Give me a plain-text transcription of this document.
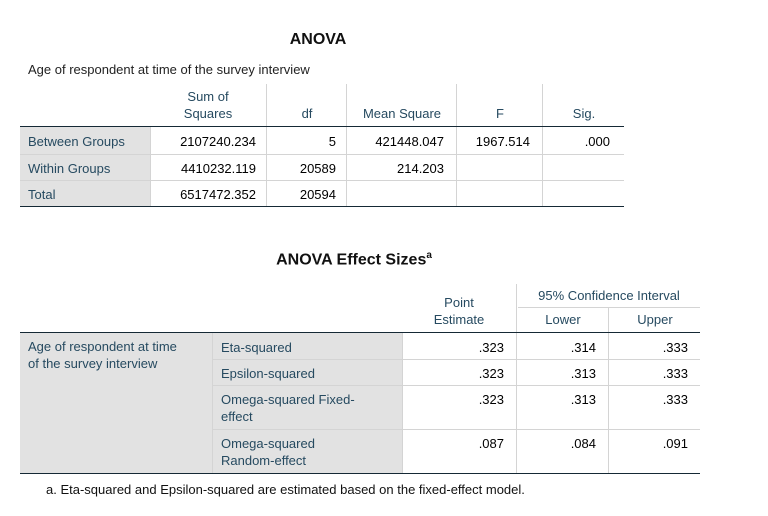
ANOVA
Age of respondent at time of the survey interview
Sum of
Squares	df	Mean Square	F	Sig.
Between Groups	2107240.234	5	421448.047	1967.514	.000
Within Groups	4410232.119	20589	214.203
Total	6517472.352	20594
ANOVA Effect Sizes$^a$
Point
Estimate
95% Confidence Interval
Lower	Upper
Age of respondent at time
of the survey interview
Eta-squared	.323	.314	.333
Epsilon-squared	.323	.313	.333
Omega-squared Fixed-
effect
.323	.313	.333
Omega-squared
Random-effect
.087	.084	.091
a. Eta-squared and Epsilon-squared are estimated based on the fixed-effect model.
